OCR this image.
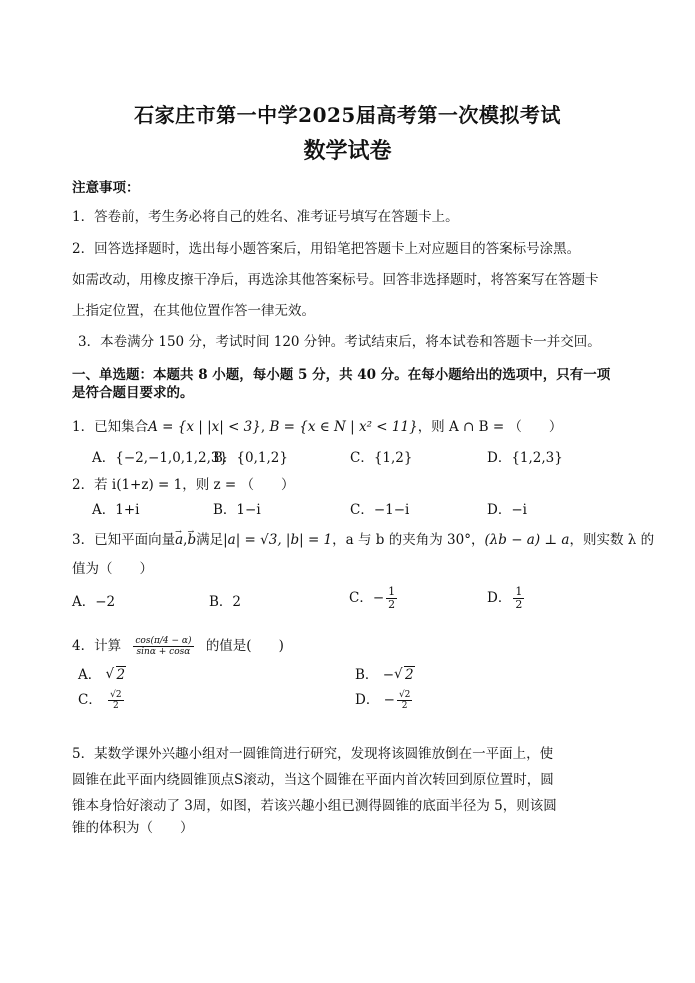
石家庄市第一中学2025届高考第一次模拟考试
数学试卷
注意事项：
1．答卷前，考生务必将自己的姓名、准考证号填写在答题卡上。
2．回答选择题时，选出每小题答案后，用铅笔把答题卡上对应题目的答案标号涂黑。
如需改动，用橡皮擦干净后，再选涂其他答案标号。回答非选择题时，将答案写在答题卡
上指定位置，在其他位置作答一律无效。
3．本卷满分 150 分，考试时间 120 分钟。考试结束后，将本试卷和答题卡一并交回。
一、单选题：本题共 8 小题，每小题 5 分，共 40 分。在每小题给出的选项中，只有一项
是符合题目要求的。
1．已知集合A = {x | |x| < 3}, B = {x ∈ N | x² < 11}，则 A ∩ B = （　　）
A．{−2,−1,0,1,2,3}
B．{0,1,2}	C．{1,2}	D．{1,2,3}
2．若 i(1+z) = 1，则 z = （　　）
A．1+i	B．1−i	C．−1−i	D．−i
3．已知平面向量→ a,→ b满足|a| = √3, |b| = 1，a 与 b 的夹角为 30°，(λb − a) ⊥ a，则实数 λ 的
值为（　　）
A．−2	B．2	C．− $\frac{1}{2}$	D． $\frac{1}{2}$
4．计算 $\frac{\cos(\pi/4 - \alpha)}{\sin\alpha + \cos\alpha}$ 的值是(　　)
A． √ 2	B． − √ 2
C． $\frac{√2}{2}$	D． − $\frac{√2}{2}$
5．某数学课外兴趣小组对一圆锥筒进行研究，发现将该圆锥放倒在一平面上，使
圆锥在此平面内绕圆锥顶点S滚动，当这个圆锥在平面内首次转回到原位置时，圆
锥本身恰好滚动了 3周，如图，若该兴趣小组已测得圆锥的底面半径为 5，则该圆
锥的体积为（　　）
